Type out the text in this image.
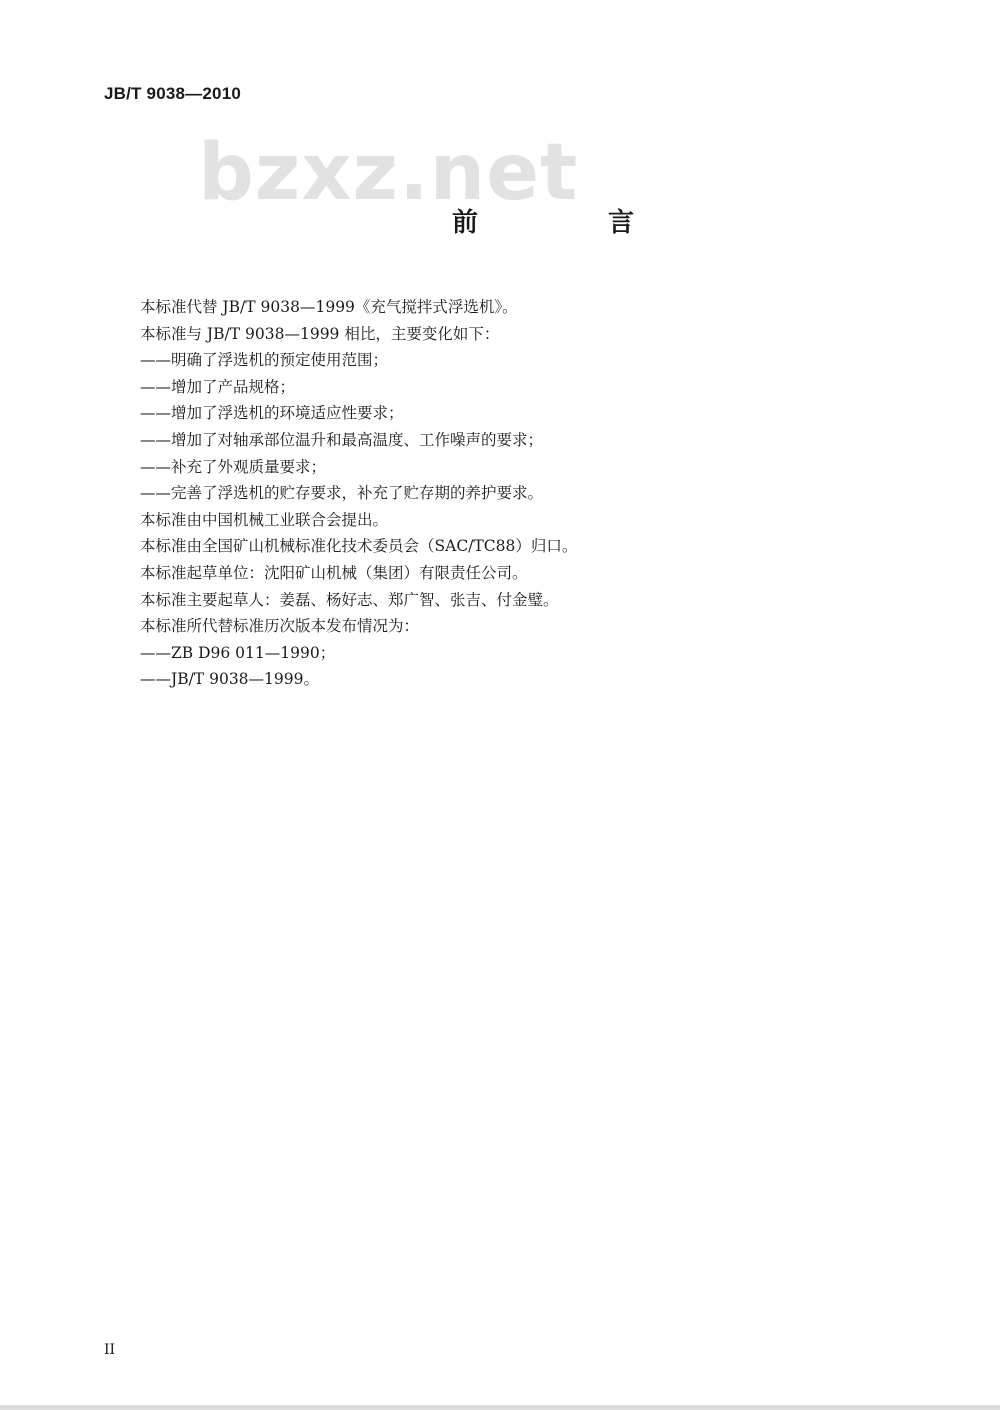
JB/T 9038—2010
bzxz.net
前　言
本标准代替 JB/T 9038—1999《充气搅拌式浮选机》。
本标准与 JB/T 9038—1999 相比，主要变化如下：
——明确了浮选机的预定使用范围；
——增加了产品规格；
——增加了浮选机的环境适应性要求；
——增加了对轴承部位温升和最高温度、工作噪声的要求；
——补充了外观质量要求；
——完善了浮选机的贮存要求，补充了贮存期的养护要求。
本标准由中国机械工业联合会提出。
本标准由全国矿山机械标准化技术委员会（SAC/TC88）归口。
本标准起草单位：沈阳矿山机械（集团）有限责任公司。
本标准主要起草人：姜磊、杨好志、郑广智、张吉、付金璧。
本标准所代替标准历次版本发布情况为：
——ZB D96 011—1990；
——JB/T 9038—1999。
II
